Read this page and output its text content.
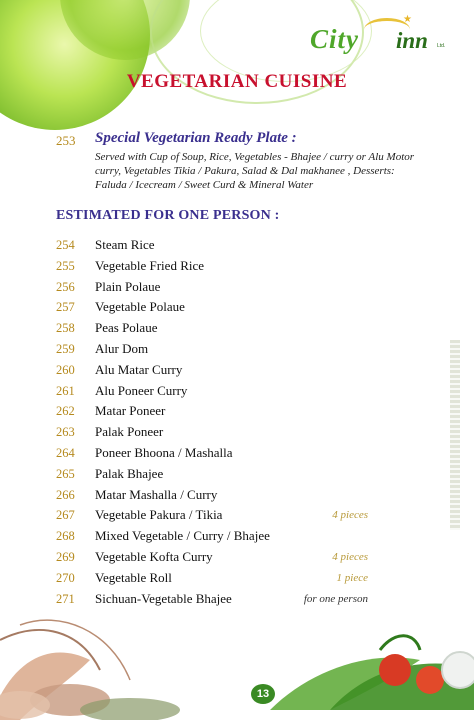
★
City inn Ltd.
VEGETARIAN CUISINE
253 Special Vegetarian Ready Plate :
Served with Cup of Soup, Rice, Vegetables - Bhajee / curry or Alu Motor curry, Vegetables Tikia / Pakura, Salad & Dal makhanee , Desserts: Faluda / Icecream / Sweet Curd & Mineral Water
ESTIMATED FOR ONE PERSON :
254 Steam Rice
255 Vegetable Fried Rice
256 Plain Polaue
257 Vegetable Polaue
258 Peas Polaue
259 Alur Dom
260 Alu Matar Curry
261 Alu Poneer Curry
262 Matar Poneer
263 Palak Poneer
264 Poneer Bhoona / Mashalla
265 Palak Bhajee
266 Matar Mashalla / Curry
267 Vegetable Pakura / Tikia	4 pieces
268 Mixed Vegetable / Curry / Bhajee
269 Vegetable Kofta Curry	4 pieces
270 Vegetable Roll	1 piece
271 Sichuan-Vegetable Bhajee	for one person
13
